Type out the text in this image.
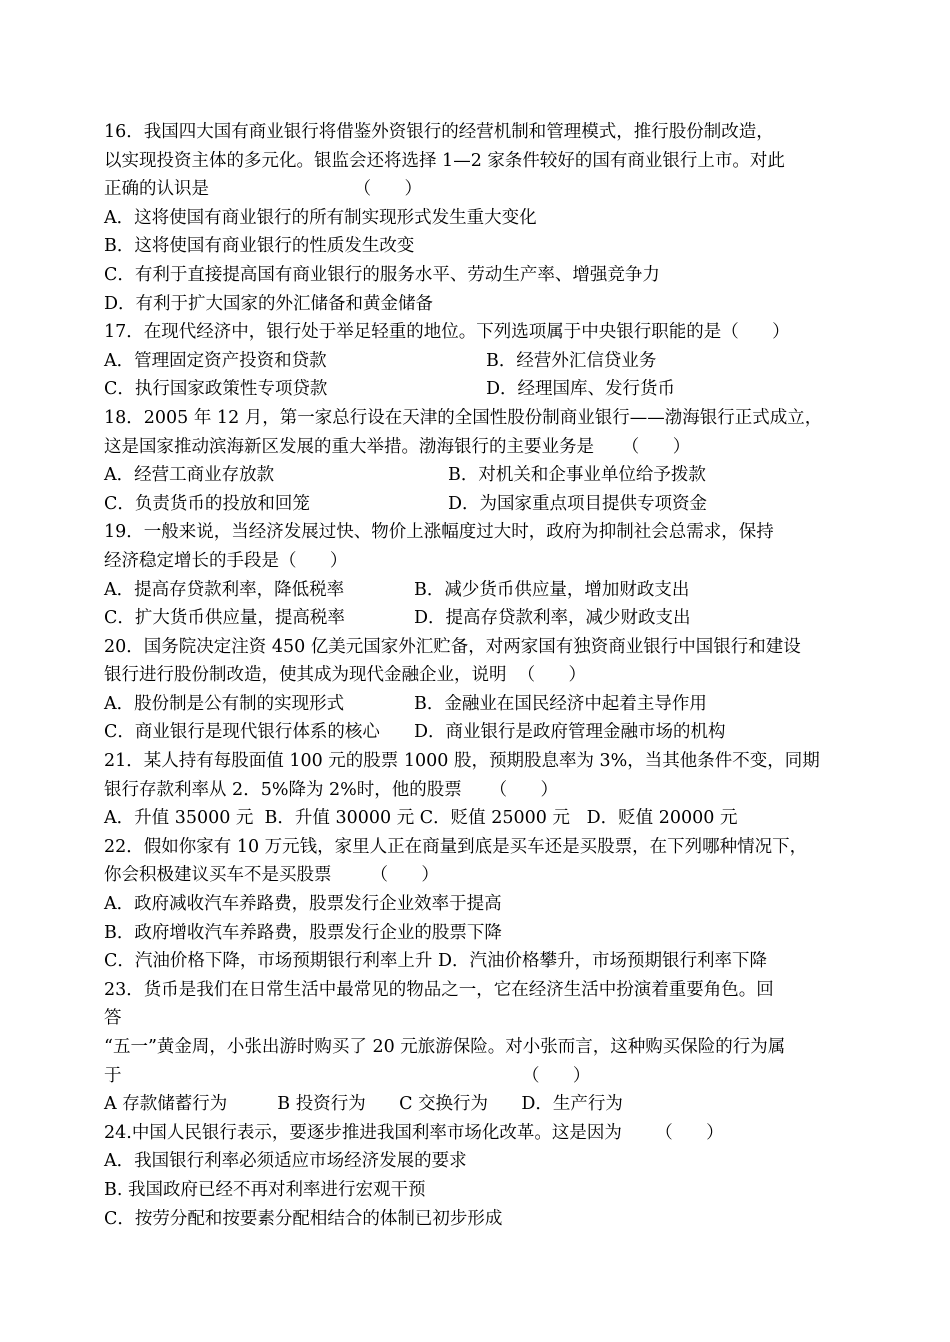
16．我国四大国有商业银行将借鉴外资银行的经营机制和管理模式，推行股份制改造，
以实现投资主体的多元化。银监会还将选择 1—2 家条件较好的国有商业银行上市。对此
正确的认识是                          （      ）
A．这将使国有商业银行的所有制实现形式发生重大变化
B．这将使国有商业银行的性质发生改变
C．有利于直接提高国有商业银行的服务水平、劳动生产率、增强竞争力
D．有利于扩大国家的外汇储备和黄金储备
17．在现代经济中，银行处于举足轻重的地位。下列选项属于中央银行职能的是（      ）
A．管理固定资产投资和贷款	B．经营外汇信贷业务
C．执行国家政策性专项贷款	D．经理国库、发行货币
18．2005 年 12 月，第一家总行设在天津的全国性股份制商业银行——渤海银行正式成立，
这是国家推动滨海新区发展的重大举措。渤海银行的主要业务是     （      ）
A．经营工商业存放款	B．对机关和企事业单位给予拨款
C．负责货币的投放和回笼	D．为国家重点项目提供专项资金
19．一般来说，当经济发展过快、物价上涨幅度过大时，政府为抑制社会总需求，保持
经济稳定增长的手段是（      ）
A．提高存贷款利率，降低税率	B．减少货币供应量，增加财政支出
C．扩大货币供应量，提高税率	D．提高存贷款利率，减少财政支出
20．国务院决定注资 450 亿美元国家外汇贮备，对两家国有独资商业银行中国银行和建设
银行进行股份制改造，使其成为现代金融企业，说明  （      ）
A．股份制是公有制的实现形式	B．金融业在国民经济中起着主导作用
C．商业银行是现代银行体系的核心 D．商业银行是政府管理金融市场的机构
21．某人持有每股面值 100 元的股票 1000 股，预期股息率为 3%，当其他条件不变，同期
银行存款利率从 2．5%降为 2%时，他的股票     （      ）
A．升值 35000 元  B．升值 30000 元 C．贬值 25000 元   D．贬值 20000 元
22．假如你家有 10 万元钱，家里人正在商量到底是买车还是买股票，在下列哪种情况下，
你会积极建议买车不是买股票       （      ）
A．政府减收汽车养路费，股票发行企业效率于提高
B．政府增收汽车养路费，股票发行企业的股票下降
C．汽油价格下降，市场预期银行利率上升 D．汽油价格攀升，市场预期银行利率下降
23．货币是我们在日常生活中最常见的物品之一，它在经济生活中扮演着重要角色。回
答
“五一”黄金周，小张出游时购买了 20 元旅游保险。对小张而言，这种购买保险的行为属
于                                                                        （      ）
A 存款储蓄行为         B 投资行为      C 交换行为      D．生产行为
24.中国人民银行表示，要逐步推进我国利率市场化改革。这是因为      （      ）
A．我国银行利率必须适应市场经济发展的要求
B. 我国政府已经不再对利率进行宏观干预
C．按劳分配和按要素分配相结合的体制已初步形成
